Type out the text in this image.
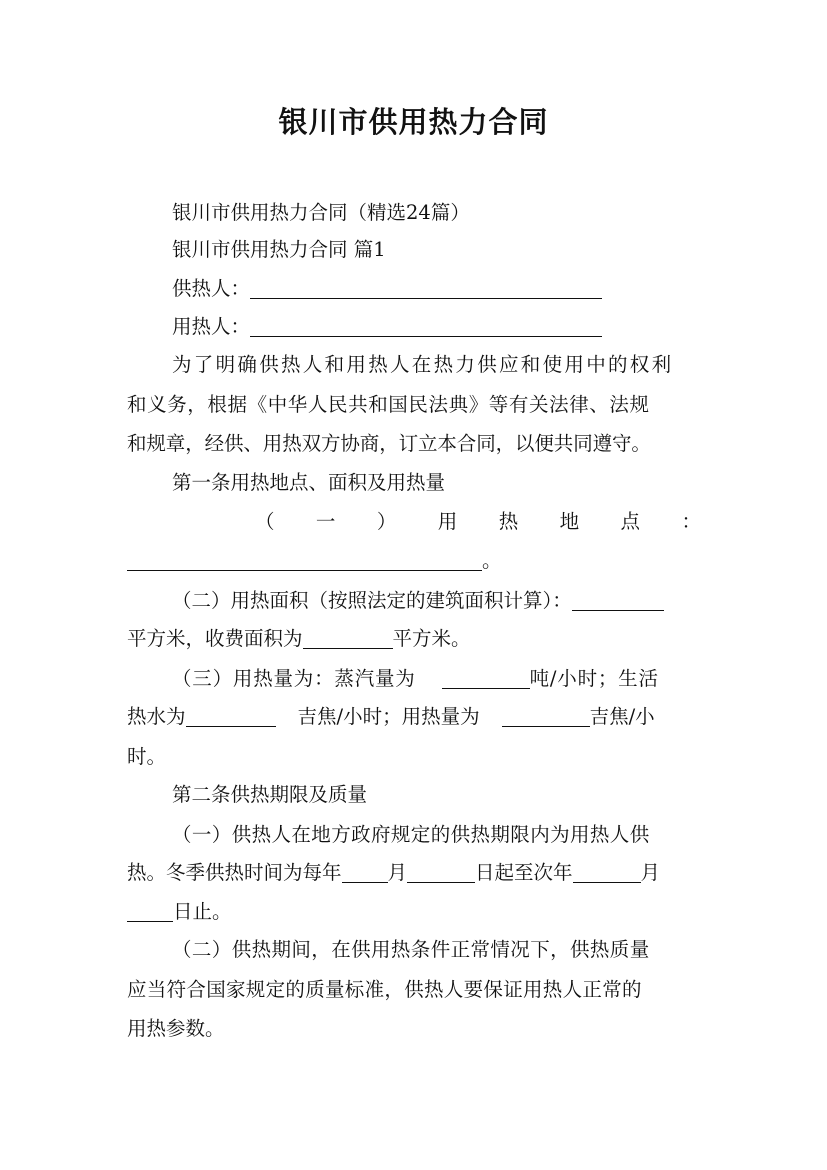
银川市供用热力合同
银川市供用热力合同（精选24篇）
银川市供用热力合同 篇1
供热人：
用热人：
为了明确供热人和用热人在热力供应和使用中的权利
和义务，根据《中华人民共和国民法典》等有关法律、法规
和规章，经供、用热双方协商，订立本合同，以便共同遵守。
第一条用热地点、面积及用热量
（ 一 ） 用 热 地 点 ：
。
（二）用热面积（按照法定的建筑面积计算）：
平方米，收费面积为	平方米。
（三）用热量为：蒸汽量为	吨/小时；生活
热水为	吉焦/小时；用热量为	吉焦/小
时。
第二条供热期限及质量
（一）供热人在地方政府规定的供热期限内为用热人供
热。冬季供热时间为每年 月	日起至次年	月
日止。
（二）供热期间，在供用热条件正常情况下，供热质量
应当符合国家规定的质量标准，供热人要保证用热人正常的
用热参数。
